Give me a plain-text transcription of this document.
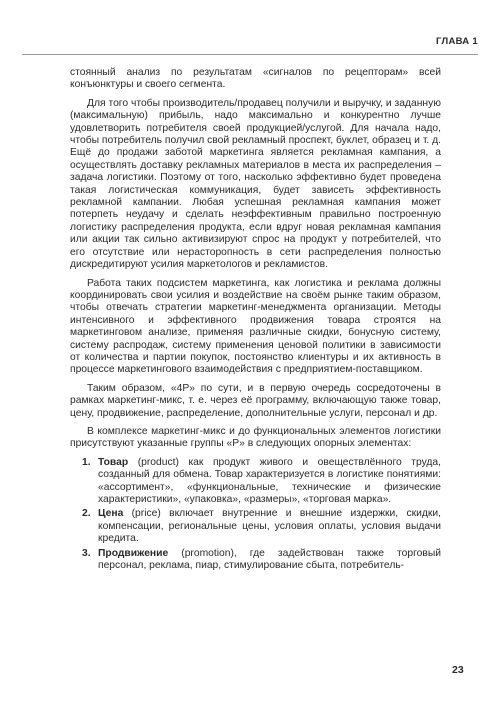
ГЛАВА 1

стоянный анализ по результатам «сигналов по рецепторам» всей конъюнктуры и своего сегмента.

Для того чтобы производитель/продавец получили и выручку, и заданную (максимальную) прибыль, надо максимально и конкурентно лучше удовлетворить потребителя своей продукцией/услугой. Для начала надо, чтобы потребитель получил свой рекламный проспект, буклет, образец и т. д. Ещё до продажи заботой маркетинга является рекламная кампания, а осуществлять доставку рекламных материалов в места их распределения – задача логистики. Поэтому от того, насколько эффективно будет проведена такая логистическая коммуникация, будет зависеть эффективность рекламной кампании. Любая успешная рекламная кампания может потерпеть неудачу и сделать неэффективным правильно построенную логистику распределения продукта, если вдруг новая рекламная кампания или акции так сильно активизируют спрос на продукт у потребителей, что его отсутствие или нерасторопность в сети распределения полностью дискредитируют усилия маркетологов и рекламистов.

Работа таких подсистем маркетинга, как логистика и реклама должны координировать свои усилия и воздействие на своём рынке таким образом, чтобы отвечать стратегии маркетинг-менеджмента организации. Методы интенсивного и эффективного продвижения товара строятся на маркетинговом анализе, применяя различные скидки, бонусную систему, систему распродаж, систему применения ценовой политики в зависимости от количества и партии покупок, постоянство клиентуры и их активность в процессе маркетингового взаимодействия с предприятием-поставщиком.

Таким образом, «4P» по сути, и в первую очередь сосредоточены в рамках маркетинг-микс, т. е. через её программу, включающую также товар, цену, продвижение, распределение, дополнительные услуги, персонал и др.

В комплексе маркетинг-микс и до функциональных элементов логистики присутствуют указанные группы «P» в следующих опорных элементах:

1. Товар (product) как продукт живого и овеществлённого труда, созданный для обмена. Товар характеризуется в логистике понятиями: «ассортимент», «функциональные, технические и физические характеристики», «упаковка», «размеры», «торговая марка».
2. Цена (price) включает внутренние и внешние издержки, скидки, компенсации, региональные цены, условия оплаты, условия выдачи кредита.
3. Продвижение (promotion), где задействован также торговый персонал, реклама, пиар, стимулирование сбыта, потребитель-
23
